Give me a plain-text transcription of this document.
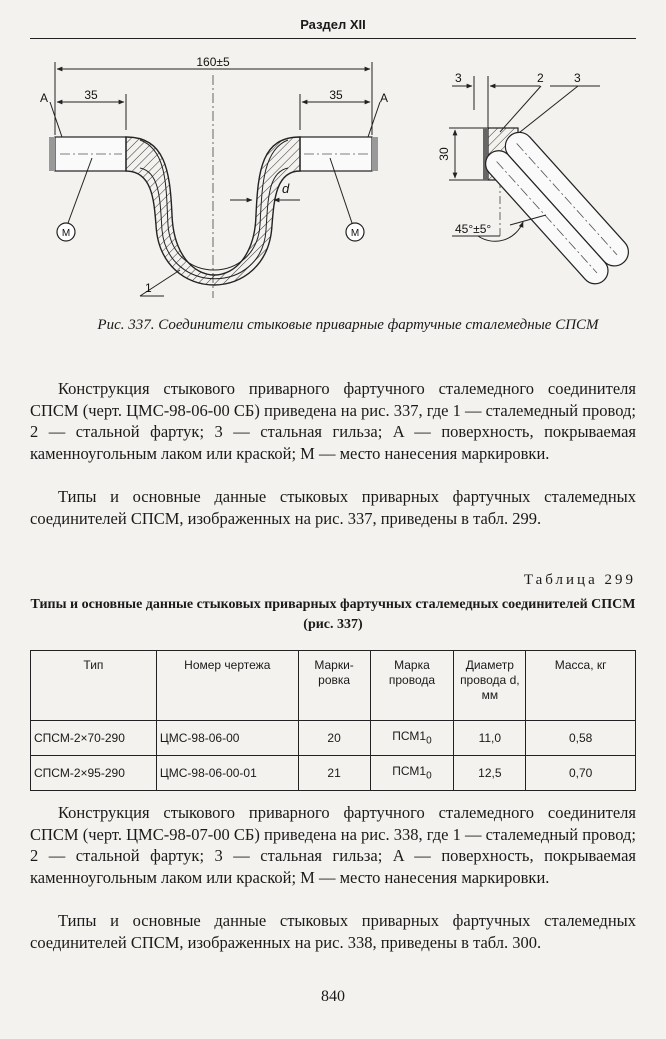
Раздел XII
160±5
35	35
A	A
M	M
d
1
3	2	3
30
45°±5°
Рис. 337. Соединители стыковые приварные фартучные сталемедные СПСМ

Конструкция стыкового приварного фартучного сталемедного соединителя СПСМ (черт. ЦМС-98-06-00 СБ) приведена на рис. 337, где 1 — сталемедный провод; 2 — стальной фартук; 3 — стальная гильза; A — поверхность, покрываемая каменноугольным лаком или краской; M — место нанесения маркировки.

Типы и основные данные стыковых приварных фартучных сталемедных соединителей СПСМ, изображенных на рис. 337, приведены в табл. 299.

Таблица 299
Типы и основные данные стыковых приварных фартучных сталемедных соединителей СПСМ (рис. 337)
Тип	Номер чертежа	Марки-ровка	Марка провода	Диаметр провода d, мм	Масса, кг
СПСМ-2×70-290	ЦМС-98-06-00	20	$ПСМ1_0$	11,0	0,58
СПСМ-2×95-290	ЦМС-98-06-00-01	21	$ПСМ1_0$	12,5	0,70

Конструкция стыкового приварного фартучного сталемедного соединителя СПСМ (черт. ЦМС-98-07-00 СБ) приведена на рис. 338, где 1 — сталемедный провод; 2 — стальной фартук; 3 — стальная гильза; A — поверхность, покрываемая каменноугольным лаком или краской; M — место нанесения маркировки.

Типы и основные данные стыковых приварных фартучных сталемедных соединителей СПСМ, изображенных на рис. 338, приведены в табл. 300.

840
